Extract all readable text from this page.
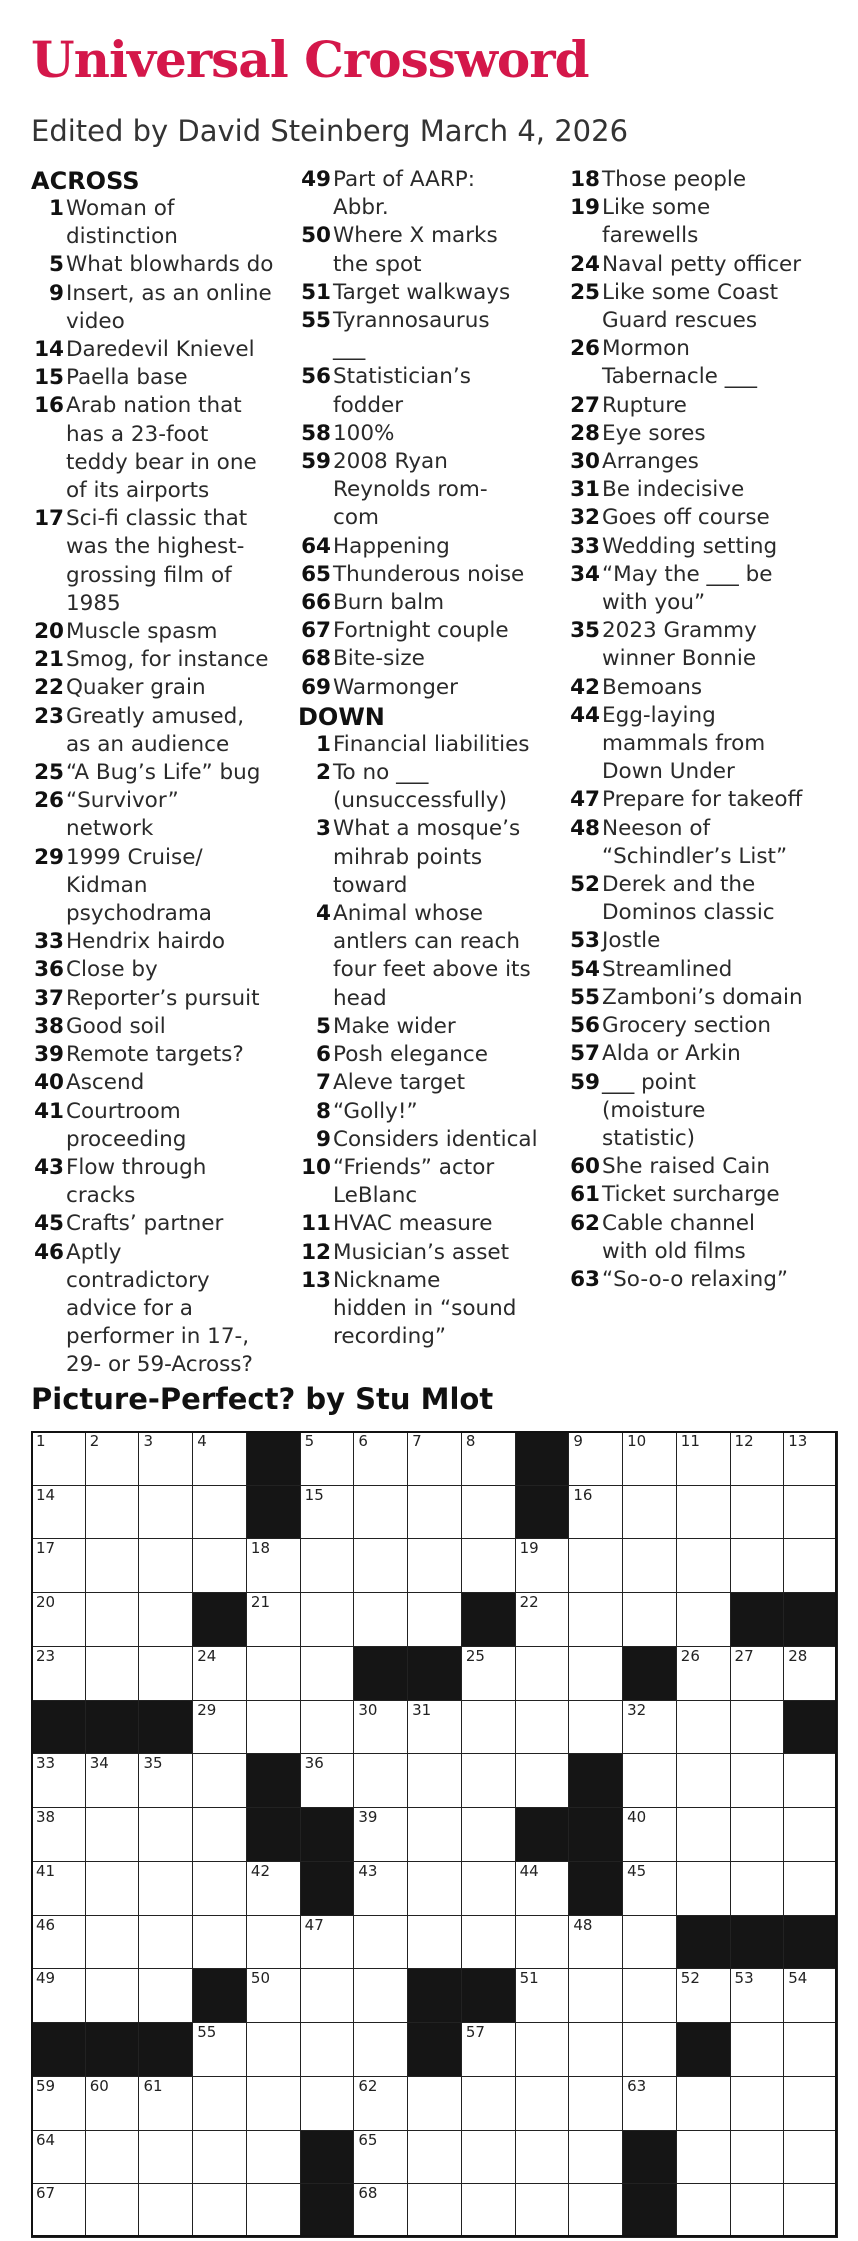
Universal Crossword
Edited by David Steinberg March 4, 2026
ACROSS
1 Woman of
distinction
5 What blowhards do
9 Insert, as an online
video
14 Daredevil Knievel
15 Paella base
16 Arab nation that
has a 23-foot
teddy bear in one
of its airports
17 Sci-fi classic that
was the highest-
grossing film of
1985
20 Muscle spasm
21 Smog, for instance
22 Quaker grain
23 Greatly amused,
as an audience
25 “A Bug’s Life” bug
26 “Survivor”
network
29 1999 Cruise/
Kidman
psychodrama
33 Hendrix hairdo
36 Close by
37 Reporter’s pursuit
38 Good soil
39 Remote targets?
40 Ascend
41 Courtroom
proceeding
43 Flow through
cracks
45 Crafts’ partner
46 Aptly
contradictory
advice for a
performer in 17-,
29- or 59-Across?
49 Part of AARP:
Abbr.
50 Where X marks
the spot
51 Target walkways
55 Tyrannosaurus
___
56 Statistician’s
fodder
58 100%
59 2008 Ryan
Reynolds rom-
com
64 Happening
65 Thunderous noise
66 Burn balm
67 Fortnight couple
68 Bite-size
69 Warmonger
DOWN
1 Financial liabilities
2 To no ___
(unsuccessfully)
3 What a mosque’s
mihrab points
toward
4 Animal whose
antlers can reach
four feet above its
head
5 Make wider
6 Posh elegance
7 Aleve target
8 “Golly!”
9 Considers identical
10 “Friends” actor
LeBlanc
11 HVAC measure
12 Musician’s asset
13 Nickname
hidden in “sound
recording”
18 Those people
19 Like some
farewells
24 Naval petty officer
25 Like some Coast
Guard rescues
26 Mormon
Tabernacle ___
27 Rupture
28 Eye sores
30 Arranges
31 Be indecisive
32 Goes off course
33 Wedding setting
34 “May the ___ be
with you”
35 2023 Grammy
winner Bonnie
42 Bemoans
44 Egg-laying
mammals from
Down Under
47 Prepare for takeoff
48 Neeson of
“Schindler’s List”
52 Derek and the
Dominos classic
53 Jostle
54 Streamlined
55 Zamboni’s domain
56 Grocery section
57 Alda or Arkin
59 ___ point
(moisture
statistic)
60 She raised Cain
61 Ticket surcharge
62 Cable channel
with old films
63 “So-o-o relaxing”
Picture-Perfect? by Stu Mlot
68
67
65
64
63
62
61
60
59
57
55
54
53
52
51
50
49
48
47
46
45
44
43
42
41
40
39
38
36
35
34
33
32
31
30
29
28
27
26
25
24
23
22
21
20
19
18
17
16
15
14
13
12
11
10
9
8
7
6
5
4
3
2
1
